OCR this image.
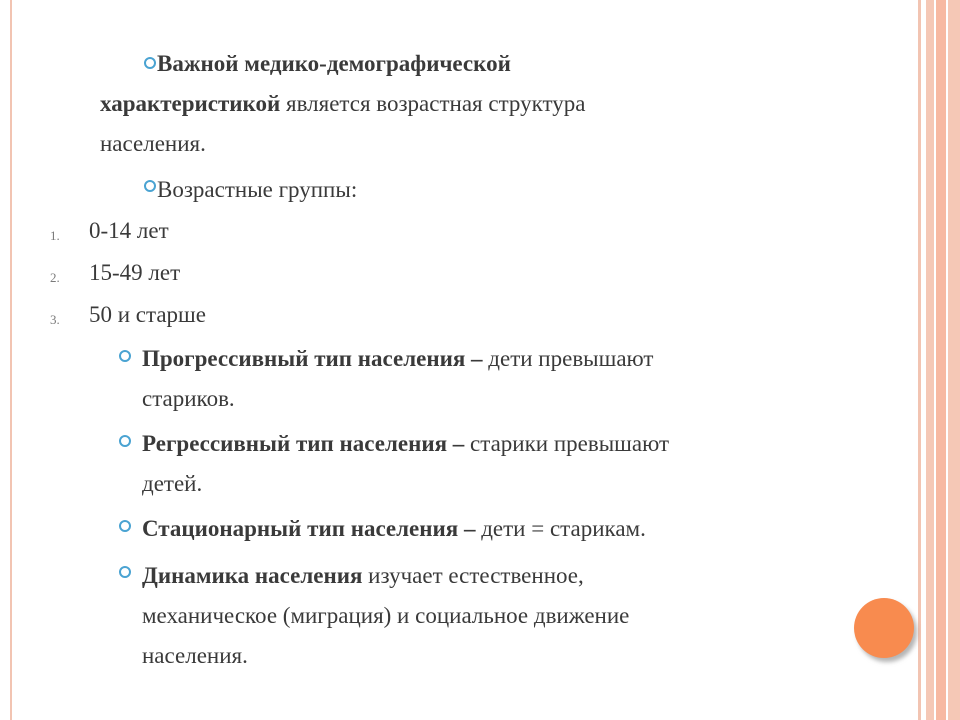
Важной медико-демографической
характеристикой является возрастная структура
населения.
Возрастные группы:
1. 0-14 лет
2. 15-49 лет
3. 50 и старше
Прогрессивный тип населения – дети превышают
стариков.
Регрессивный тип населения – старики превышают
детей.
Стационарный тип населения – дети = старикам.
Динамика населения изучает естественное,
механическое (миграция) и социальное движение
населения.
